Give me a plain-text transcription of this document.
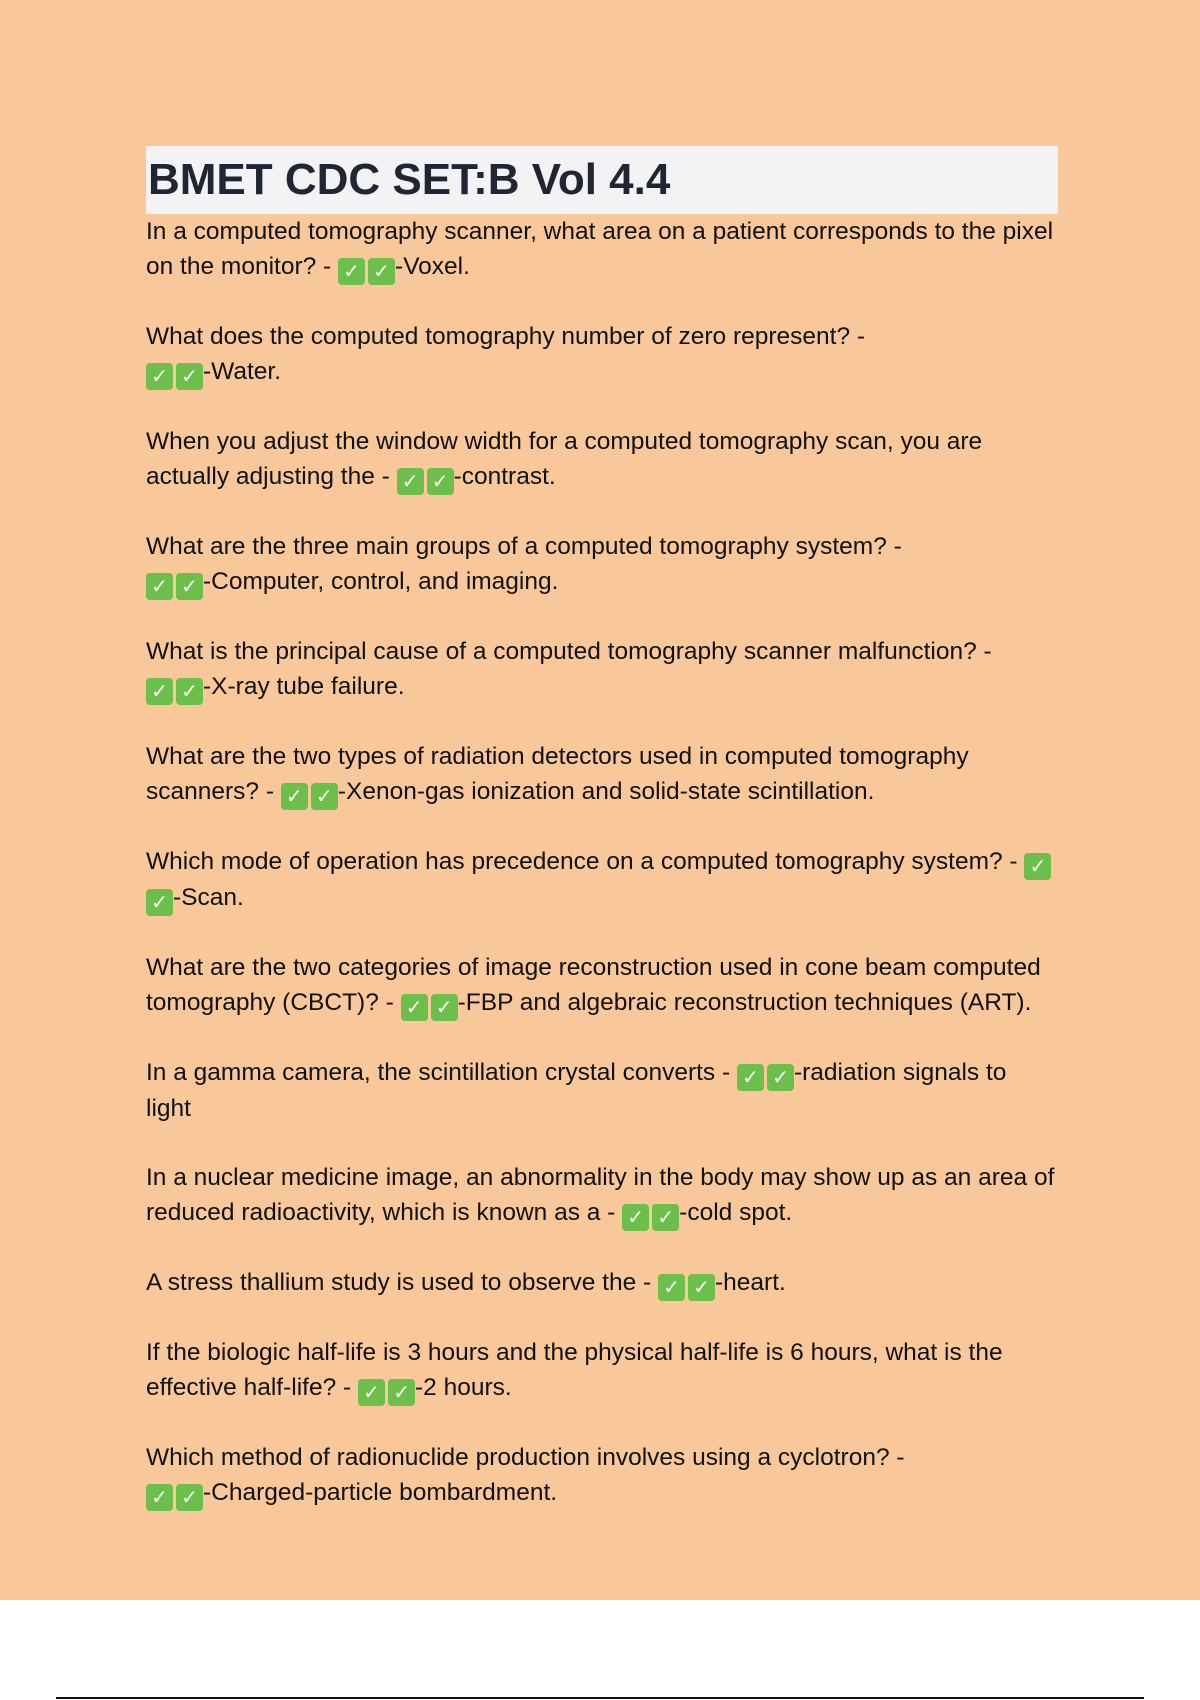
BMET CDC SET:B Vol 4.4
In a computed tomography scanner, what area on a patient corresponds to the pixel on the monitor? - ✓ ✓ -Voxel.
What does the computed tomography number of zero represent? -
✓ ✓ -Water.
When you adjust the window width for a computed tomography scan, you are actually adjusting the - ✓ ✓ -contrast.
What are the three main groups of a computed tomography system? -
✓ ✓ -Computer, control, and imaging.
What is the principal cause of a computed tomography scanner malfunction? -
✓ ✓ -X-ray tube failure.
What are the two types of radiation detectors used in computed tomography scanners? - ✓ ✓ -Xenon-gas ionization and solid-state scintillation.
Which mode of operation has precedence on a computed tomography system? - ✓✓ -Scan.
What are the two categories of image reconstruction used in cone beam computed tomography (CBCT)? - ✓ ✓ -FBP and algebraic reconstruction techniques (ART).
In a gamma camera, the scintillation crystal converts - ✓ ✓ -radiation signals to light
In a nuclear medicine image, an abnormality in the body may show up as an area of reduced radioactivity, which is known as a - ✓ ✓ -cold spot.
A stress thallium study is used to observe the - ✓ ✓ -heart.
If the biologic half-life is 3 hours and the physical half-life is 6 hours, what is the effective half-life? - ✓ ✓ -2 hours.
Which method of radionuclide production involves using a cyclotron? -
✓ ✓ -Charged-particle bombardment.
